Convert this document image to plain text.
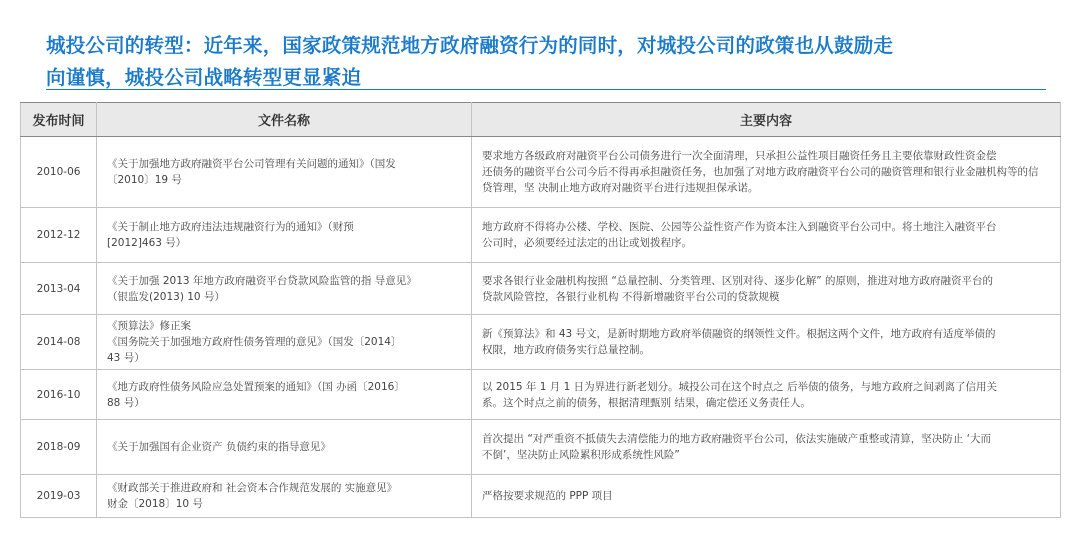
城投公司的转型：近年来，国家政策规范地方政府融资行为的同时，对城投公司的政策也从鼓励走
向谨慎，城投公司战略转型更显紧迫
发布时间	文件名称	主要内容
2010-06	《关于加强地方政府融资平台公司管理有关问题的通知》（国发
〔2010〕19 号	要求地方各级政府对融资平台公司债务进行一次全面清理，只承担公益性项目融资任务且主要依靠财政性资金偿
还债务的融资平台公司今后不得再承担融资任务，也加强了对地方政府融资平台公司的融资管理和银行业金融机构等的信
贷管理，坚 决制止地方政府对融资平台进行违规担保承诺。

2012-12	《关于制止地方政府违法违规融资行为的通知》（财预
[2012]463 号）	地方政府不得将办公楼、学校、医院、公园等公益性资产作为资本注入到融资平台公司中。将土地注入融资平台
公司时，必须要经过法定的出让或划拨程序。

2013-04	《关于加强 2013 年地方政府融资平台贷款风险监管的指 导意见》
（银监发(2013) 10 号）	要求各银行业金融机构按照 “总量控制、分类管理、区别对待、逐步化解” 的原则，推进对地方政府融资平台的
贷款风险管控，各银行业机构 不得新增融资平台公司的贷款规模

2014-08	《预算法》修正案
《国务院关于加强地方政府性债务管理的意见》（国发〔2014〕
43 号）	新《预算法》和 43 号文，是新时期地方政府举债融资的纲领性文件。根据这两个文件，地方政府有适度举债的
权限，地方政府债务实行总量控制。

2016-10	《地方政府性债务风险应急处置预案的通知》（国 办函〔2016〕
88 号）	以 2015 年 1 月 1 日为界进行新老划分。城投公司在这个时点之 后举债的债务，与地方政府之间剥离了信用关
系。这个时点之前的债务，根据清理甄别 结果，确定偿还义务责任人。

2018-09	《关于加强国有企业资产 负债约束的指导意见》	首次提出 “对严重资不抵债失去清偿能力的地方政府融资平台公司，依法实施破产重整或清算，坚决防止 ‘大而
不倒’，坚决防止风险累积形成系统性风险”

2019-03	《财政部关于推进政府和 社会资本合作规范发展的 实施意见》
财金〔2018〕10 号	严格按要求规范的 PPP 项目
